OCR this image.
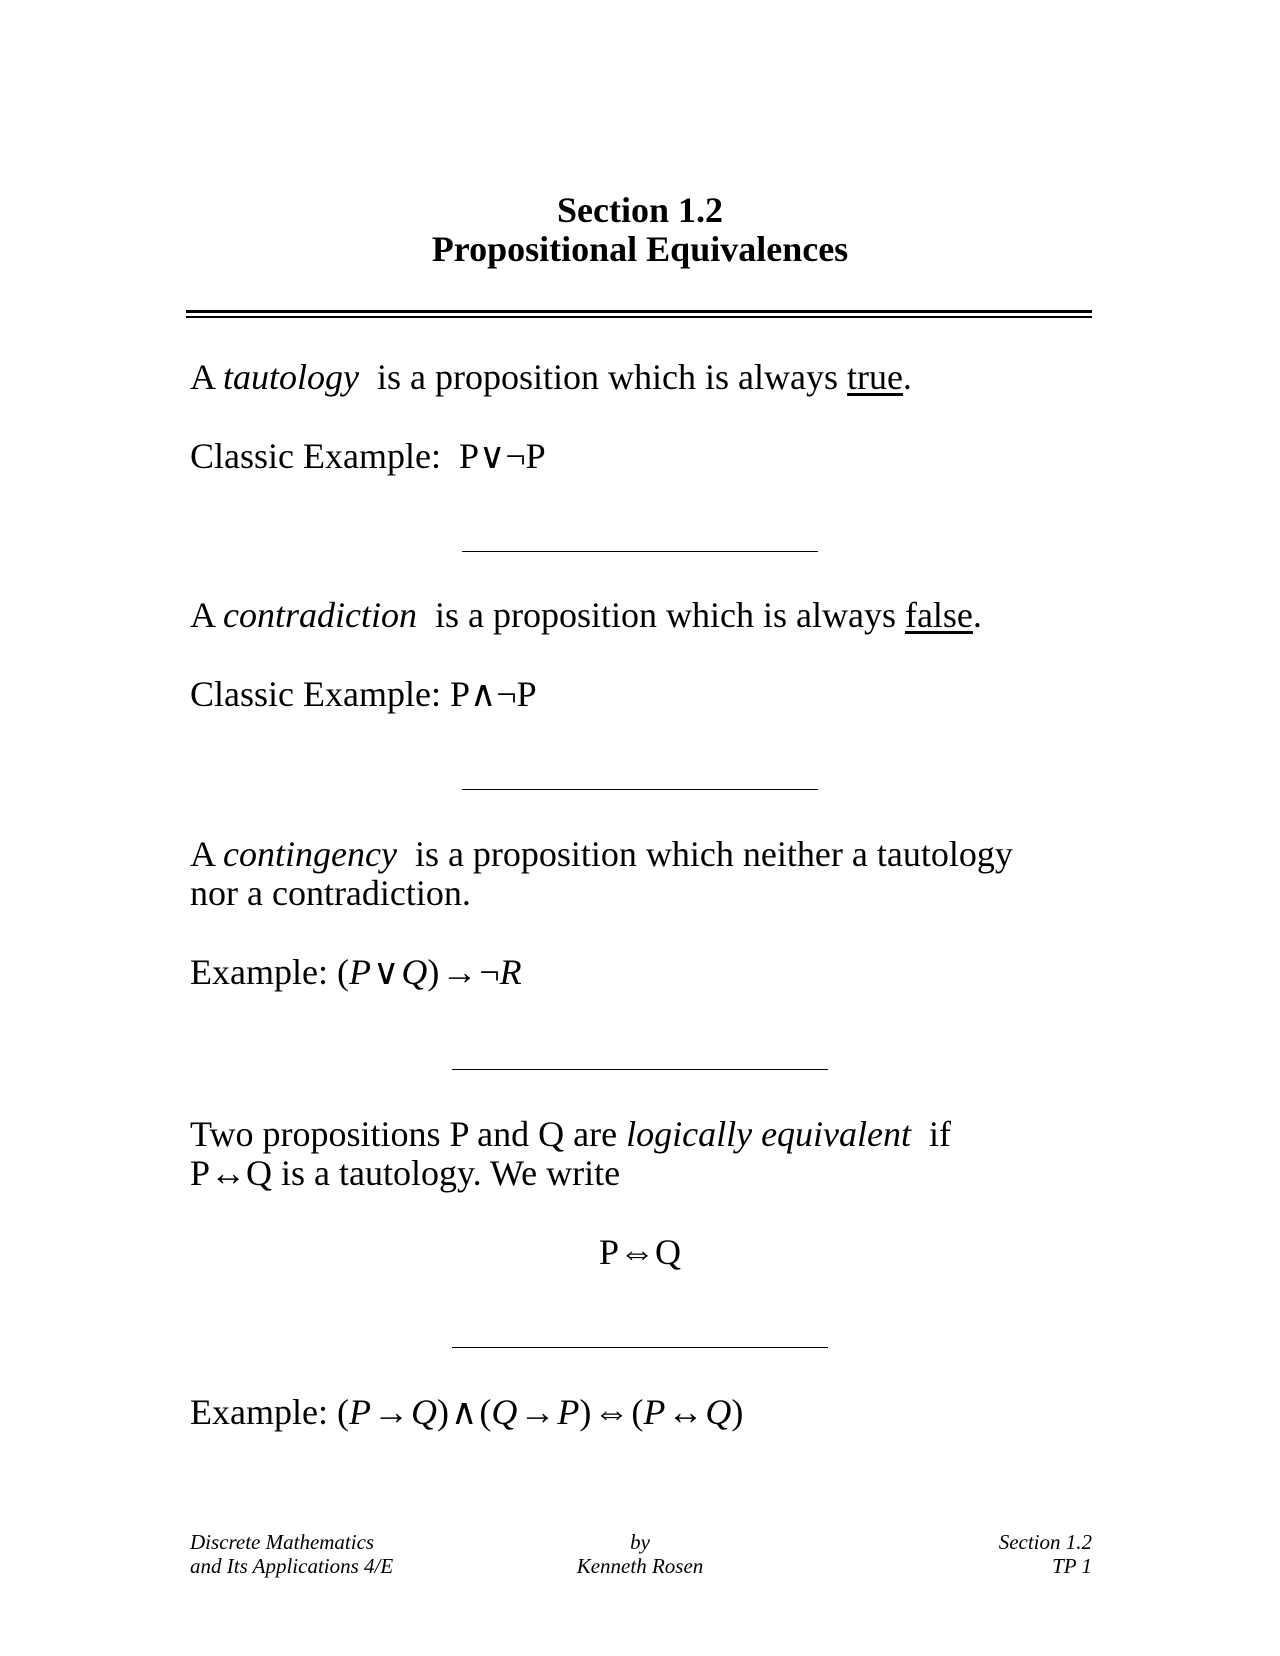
Section 1.2
Propositional Equivalences
A tautology  is a proposition which is always true.
Classic Example:  P∨¬P
A contradiction  is a proposition which is always false.
Classic Example: P∧¬P
A contingency  is a proposition which neither a tautology
nor a contradiction.
Example: (P∨Q)→¬R
Two propositions P and Q are logically equivalent  if
P↔Q is a tautology. We write
P⇔Q
Example: (P→Q)∧(Q→P)⇔(P↔Q)
Discrete Mathematics
and Its Applications 4/E
by
Kenneth Rosen
Section 1.2
TP 1
